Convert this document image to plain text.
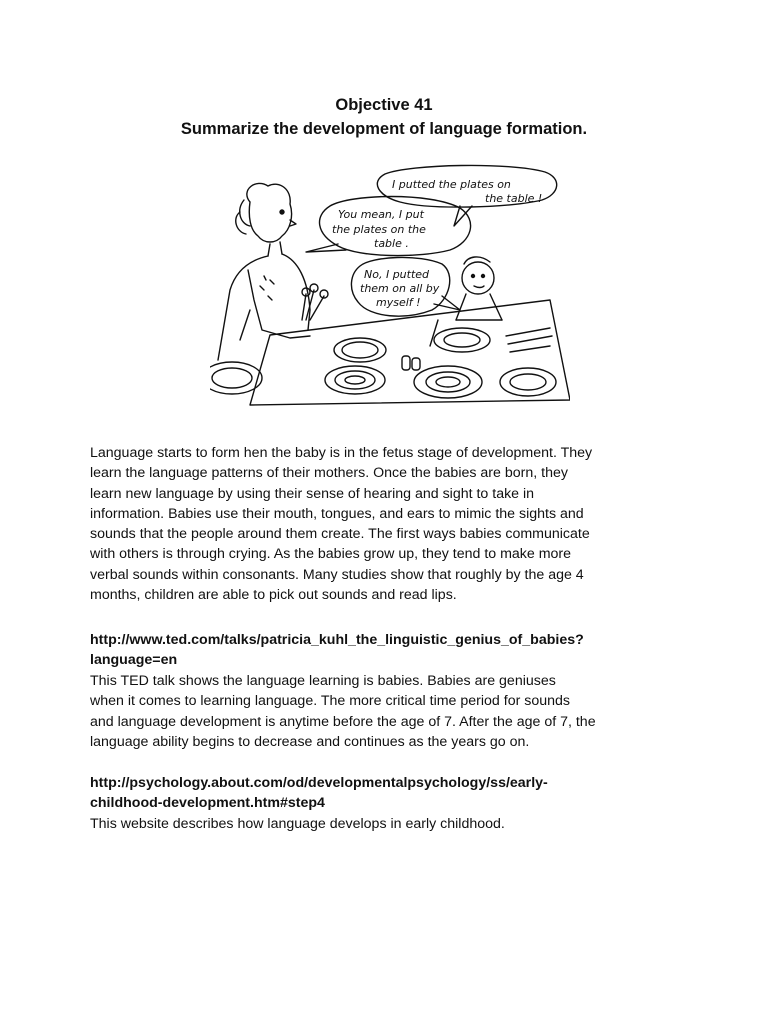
Objective 41
Summarize the development of language formation.
I putted the plates on
the table !
You mean, I put
the plates on the
table .
No, I putted
them on all by
myself !
Language starts to form hen the baby is in the fetus stage of development. They
learn the language patterns of their mothers. Once the babies are born, they
learn new language by using their sense of hearing and sight to take in
information. Babies use their mouth, tongues, and ears to mimic the sights and
sounds that the people around them create. The first ways babies communicate
with others is through crying. As the babies grow up, they tend to make more
verbal sounds within consonants. Many studies show that roughly by the age 4
months, children are able to pick out sounds and read lips.
http://www.ted.com/talks/patricia_kuhl_the_linguistic_genius_of_babies?
language=en
This TED talk shows the language learning is babies. Babies are geniuses
when it comes to learning language. The more critical time period for sounds
and language development is anytime before the age of 7. After the age of 7, the
language ability begins to decrease and continues as the years go on.
http://psychology.about.com/od/developmentalpsychology/ss/early-
childhood-development.htm#step4
This website describes how language develops in early childhood.
